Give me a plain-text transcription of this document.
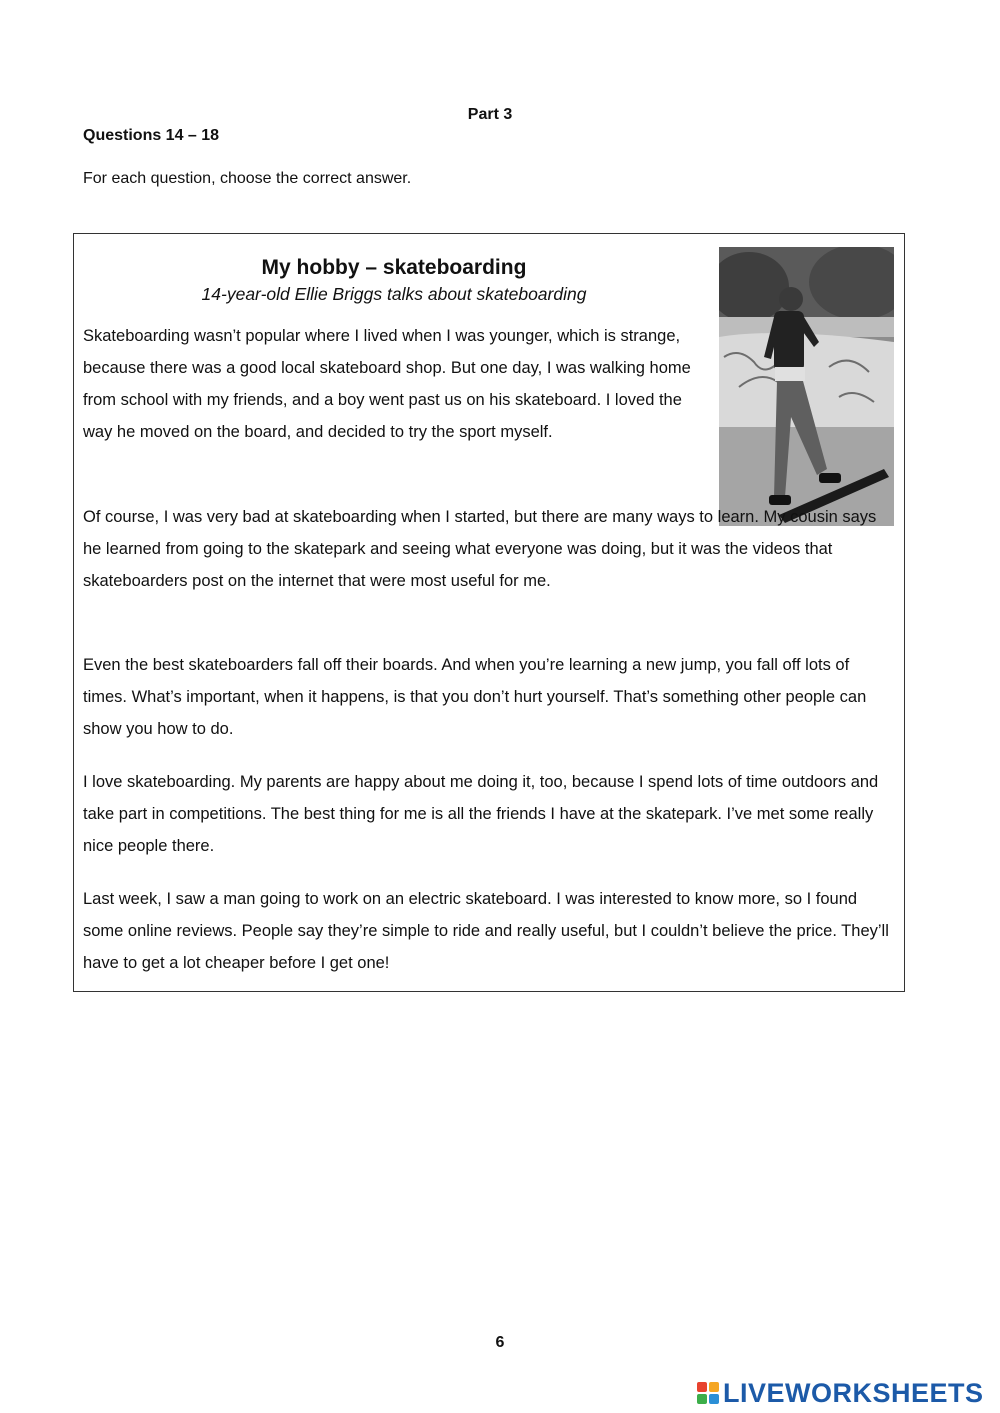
Part 3
Questions 14 – 18
For each question, choose the correct answer.
My hobby – skateboarding
14-year-old Ellie Briggs talks about skateboarding

Skateboarding wasn’t popular where I lived when I was younger, which is strange, because there was a good local skateboard shop. But one day, I was walking home from school with my friends, and a boy went past us on his skateboard. I loved the way he moved on the board, and decided to try the sport myself.

Of course, I was very bad at skateboarding when I started, but there are many ways to learn. My cousin says he learned from going to the skatepark and seeing what everyone was doing, but it was the videos that skateboarders post on the internet that were most useful for me.

Even the best skateboarders fall off their boards. And when you’re learning a new jump, you fall off lots of times. What’s important, when it happens, is that you don’t hurt yourself. That’s something other people can show you how to do.

I love skateboarding. My parents are happy about me doing it, too, because I spend lots of time outdoors and take part in competitions. The best thing for me is all the friends I have at the skatepark. I’ve met some really nice people there.

Last week, I saw a man going to work on an electric skateboard. I was interested to know more, so I found some online reviews. People say they’re simple to ride and really useful, but I couldn’t believe the price. They’ll have to get a lot cheaper before I get one!

6
LIVEWORKSHEETS
